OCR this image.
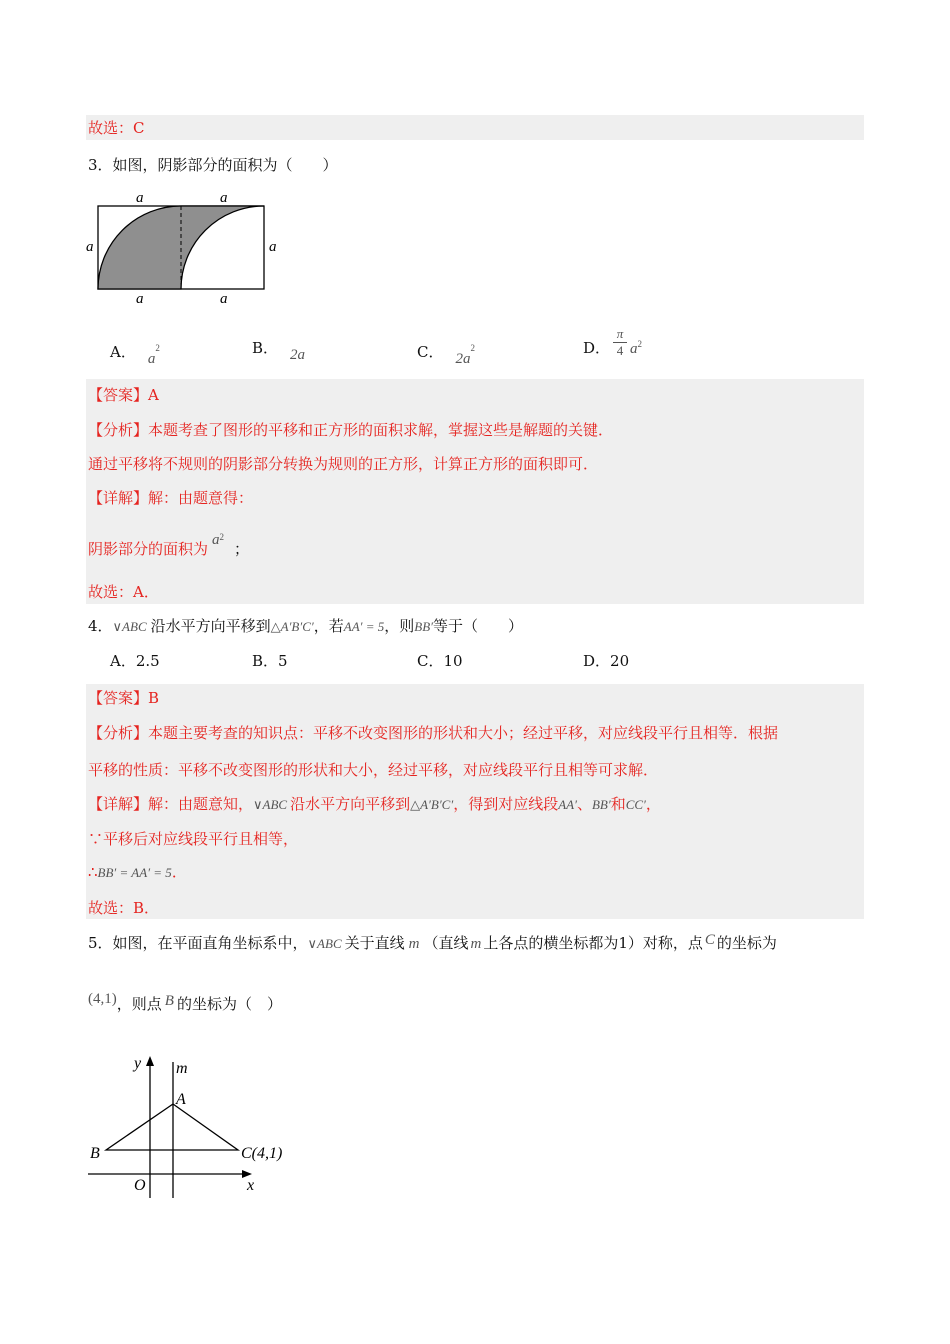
故选：C
3．如图，阴影部分的面积为（　　）
a	a
a	a
a	a
A． $a^2$	B． 2a	C． $2a^2$	D． $\frac{\pi}{4} a^2$
【答案】A
【分析】本题考查了图形的平移和正方形的面积求解，掌握这些是解题的关键．
通过平移将不规则的阴影部分转换为规则的正方形，计算正方形的面积即可．
【详解】解：由题意得：
阴影部分的面积为 $a^2$；
故选：A．
4．∨ABC 沿水平方向平移到△A′B′C′，若AA′ = 5，则BB′等于（　　）
A．2.5	B．5	C．10	D．20
【答案】B
【分析】本题主要考查的知识点：平移不改变图形的形状和大小；经过平移，对应线段平行且相等．根据
平移的性质：平移不改变图形的形状和大小，经过平移，对应线段平行且相等可求解．
【详解】解：由题意知，∨ABC 沿水平方向平移到△A′B′C′，得到对应线段AA′、BB′和CC′，
∵平移后对应线段平行且相等，
∴BB′ = AA′ = 5．
故选：B．
5．如图，在平面直角坐标系中，∨ABC 关于直线 m （直线 m 上各点的横坐标都为1）对称，点 C 的坐标为
(4,1)，则点 B 的坐标为（　）
y
x
m
A
B	C(4,1)
O
